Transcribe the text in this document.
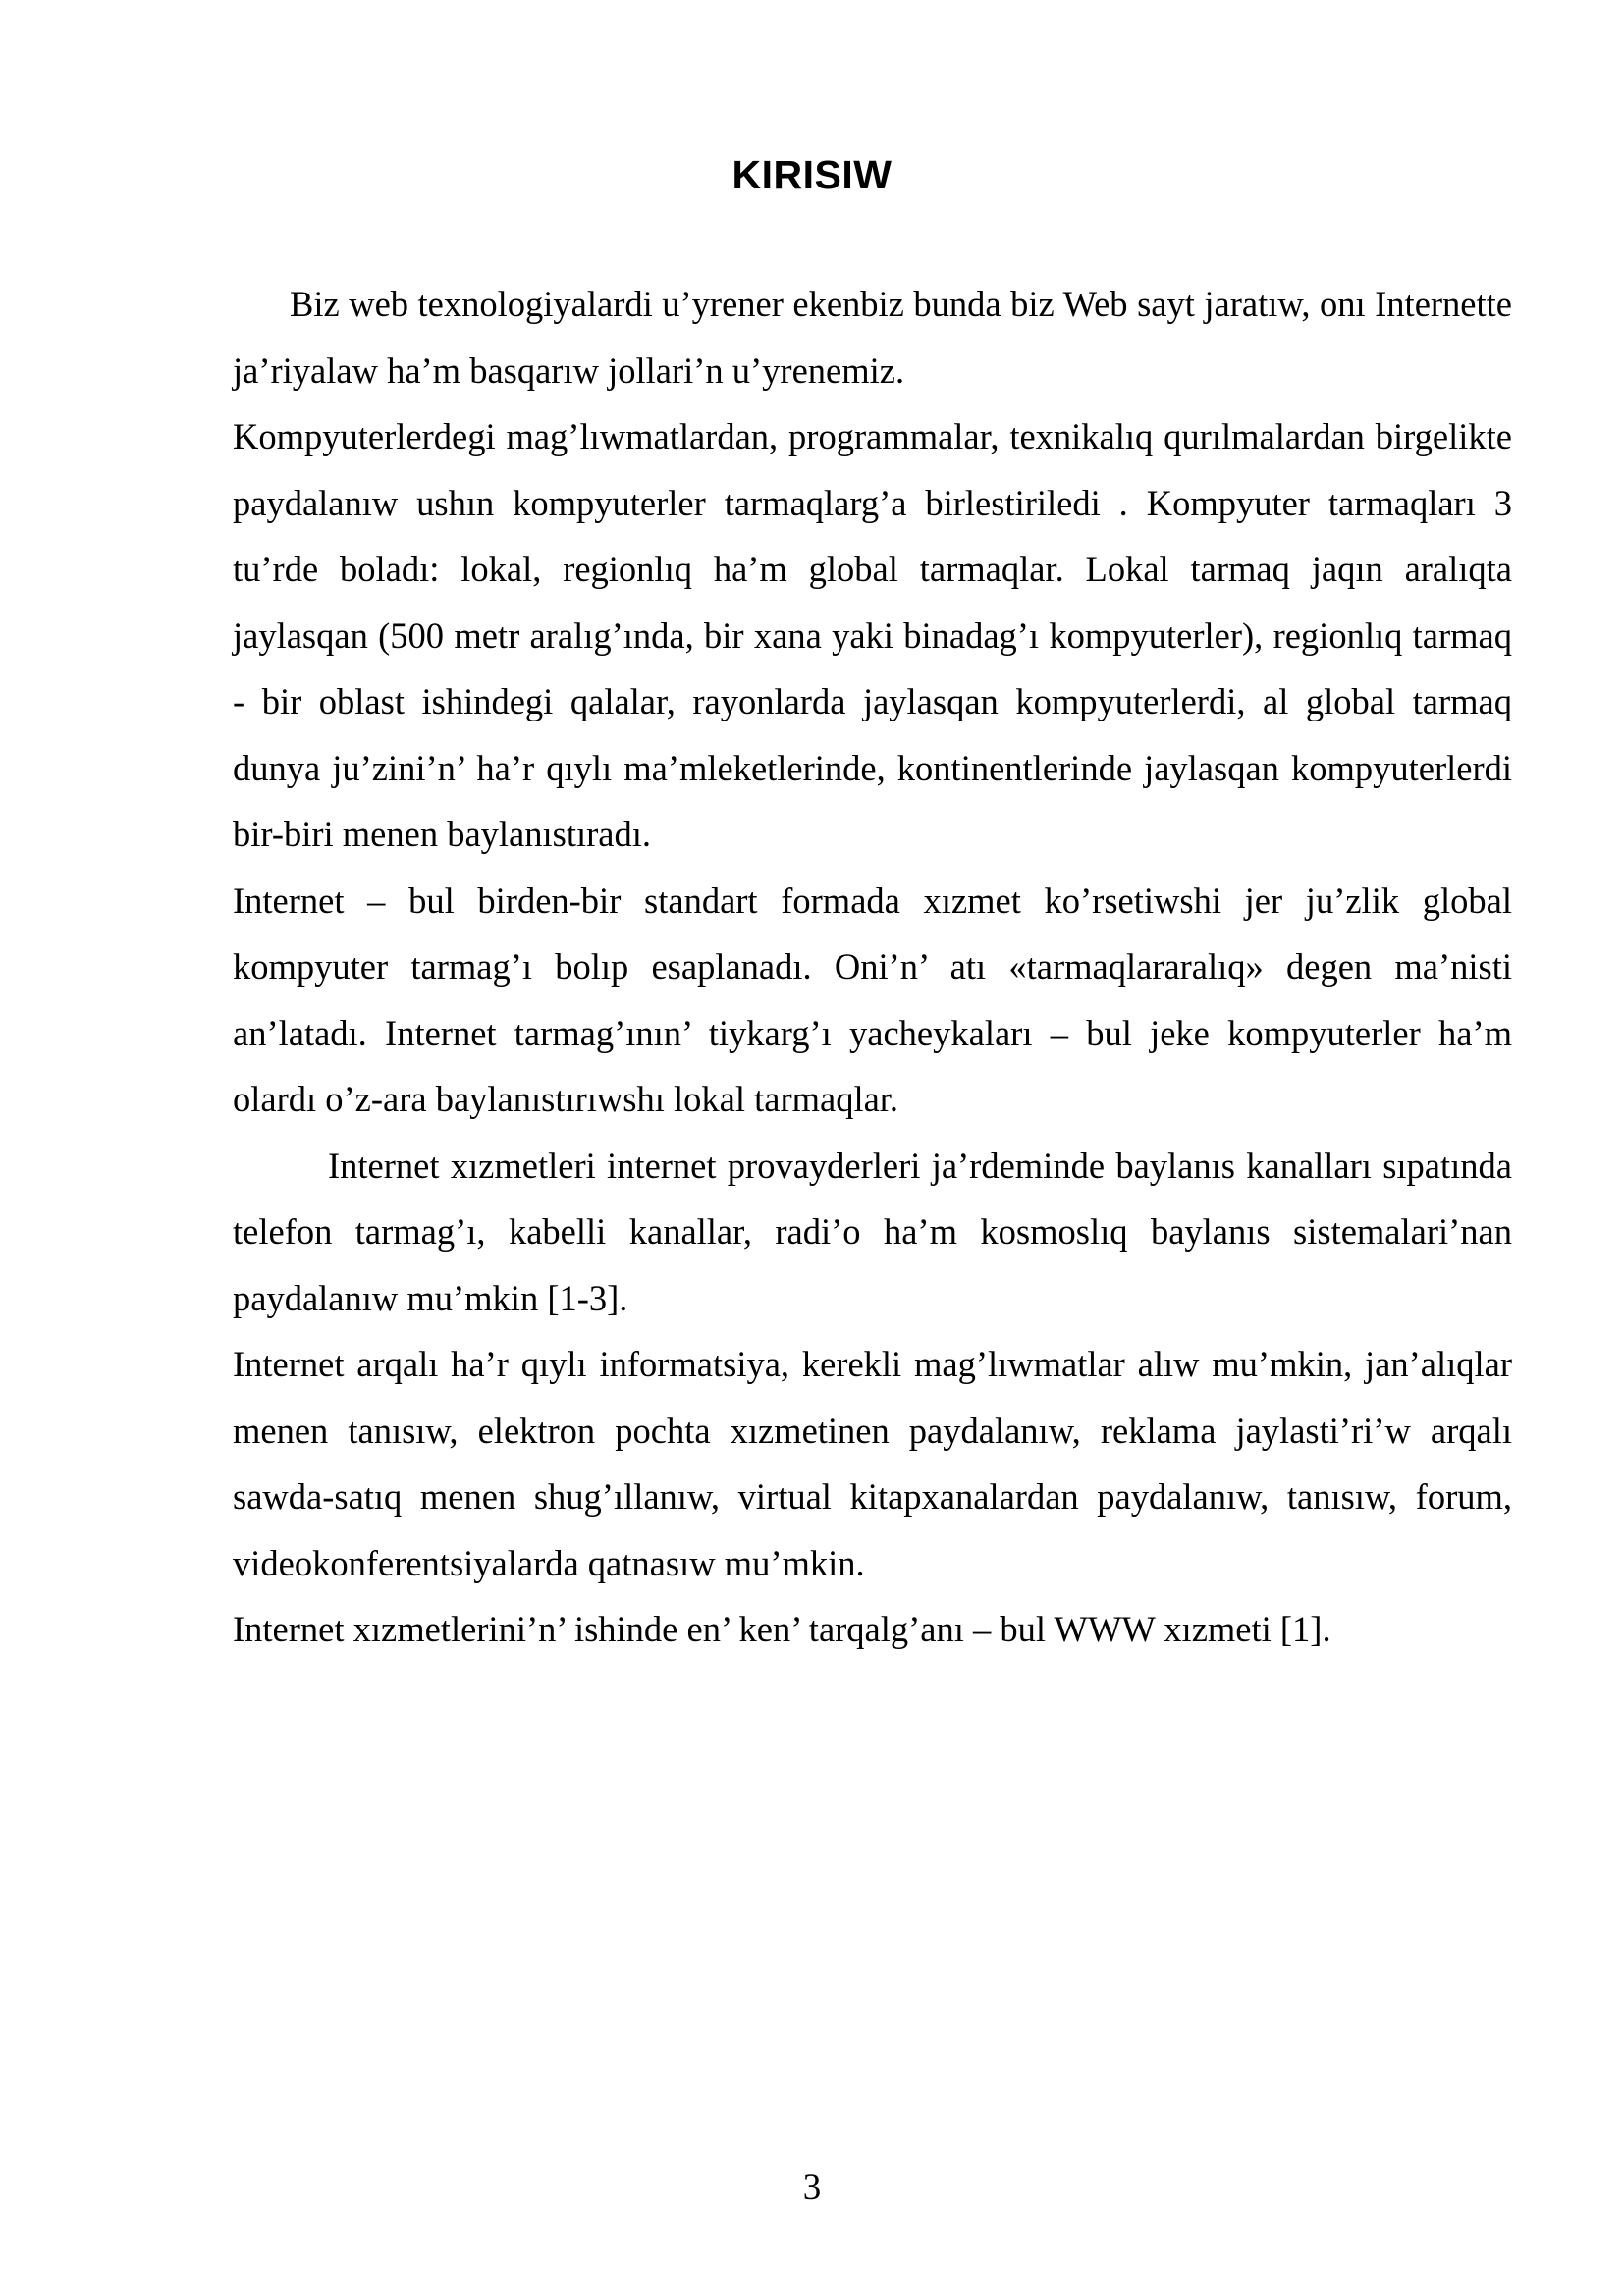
KIRISIW

Biz web texnologiyalardi u’yrener ekenbiz bunda biz Web sayt jaratıw, onı Internette ja’riyalaw ha’m basqarıw jollari’n u’yrenemiz.

Kompyuterlerdegi mag’lıwmatlardan, programmalar, texnikalıq qurılmalardan birgelikte paydalanıw ushın kompyuterler tarmaqlarg’a birlestiriledi . Kompyuter tarmaqları 3 tu’rde boladı: lokal, regionlıq ha’m global tarmaqlar. Lokal tarmaq jaqın aralıqta jaylasqan (500 metr aralıg’ında, bir xana yaki binadag’ı kompyuterler), regionlıq tarmaq - bir oblast ishindegi qalalar, rayonlarda jaylasqan kompyuterlerdi, al global tarmaq dunya ju’zini’n’ ha’r qıylı ma’mleketlerinde, kontinentlerinde jaylasqan kompyuterlerdi bir-biri menen baylanıstıradı.

Internet – bul birden-bir standart formada xızmet ko’rsetiwshi jer ju’zlik global kompyuter tarmag’ı bolıp esaplanadı. Oni’n’ atı «tarmaqlararalıq» degen ma’nisti an’latadı. Internet tarmag’ının’ tiykarg’ı yacheykaları – bul jeke kompyuterler ha’m olardı o’z-ara baylanıstırıwshı lokal tarmaqlar.

Internet xızmetleri internet provayderleri ja’rdeminde baylanıs kanalları sıpatında telefon tarmag’ı, kabelli kanallar, radi’o ha’m kosmoslıq baylanıs sistemalari’nan paydalanıw mu’mkin [1-3].

Internet arqalı ha’r qıylı informatsiya, kerekli mag’lıwmatlar alıw mu’mkin, jan’alıqlar menen tanısıw, elektron pochta xızmetinen paydalanıw, reklama jaylasti’ri’w arqalı sawda-satıq menen shug’ıllanıw, virtual kitapxanalardan paydalanıw, tanısıw, forum, videokonferentsiyalarda qatnasıw mu’mkin.

Internet xızmetlerini’n’ ishinde en’ ken’ tarqalg’anı – bul WWW xızmeti [1].

3
